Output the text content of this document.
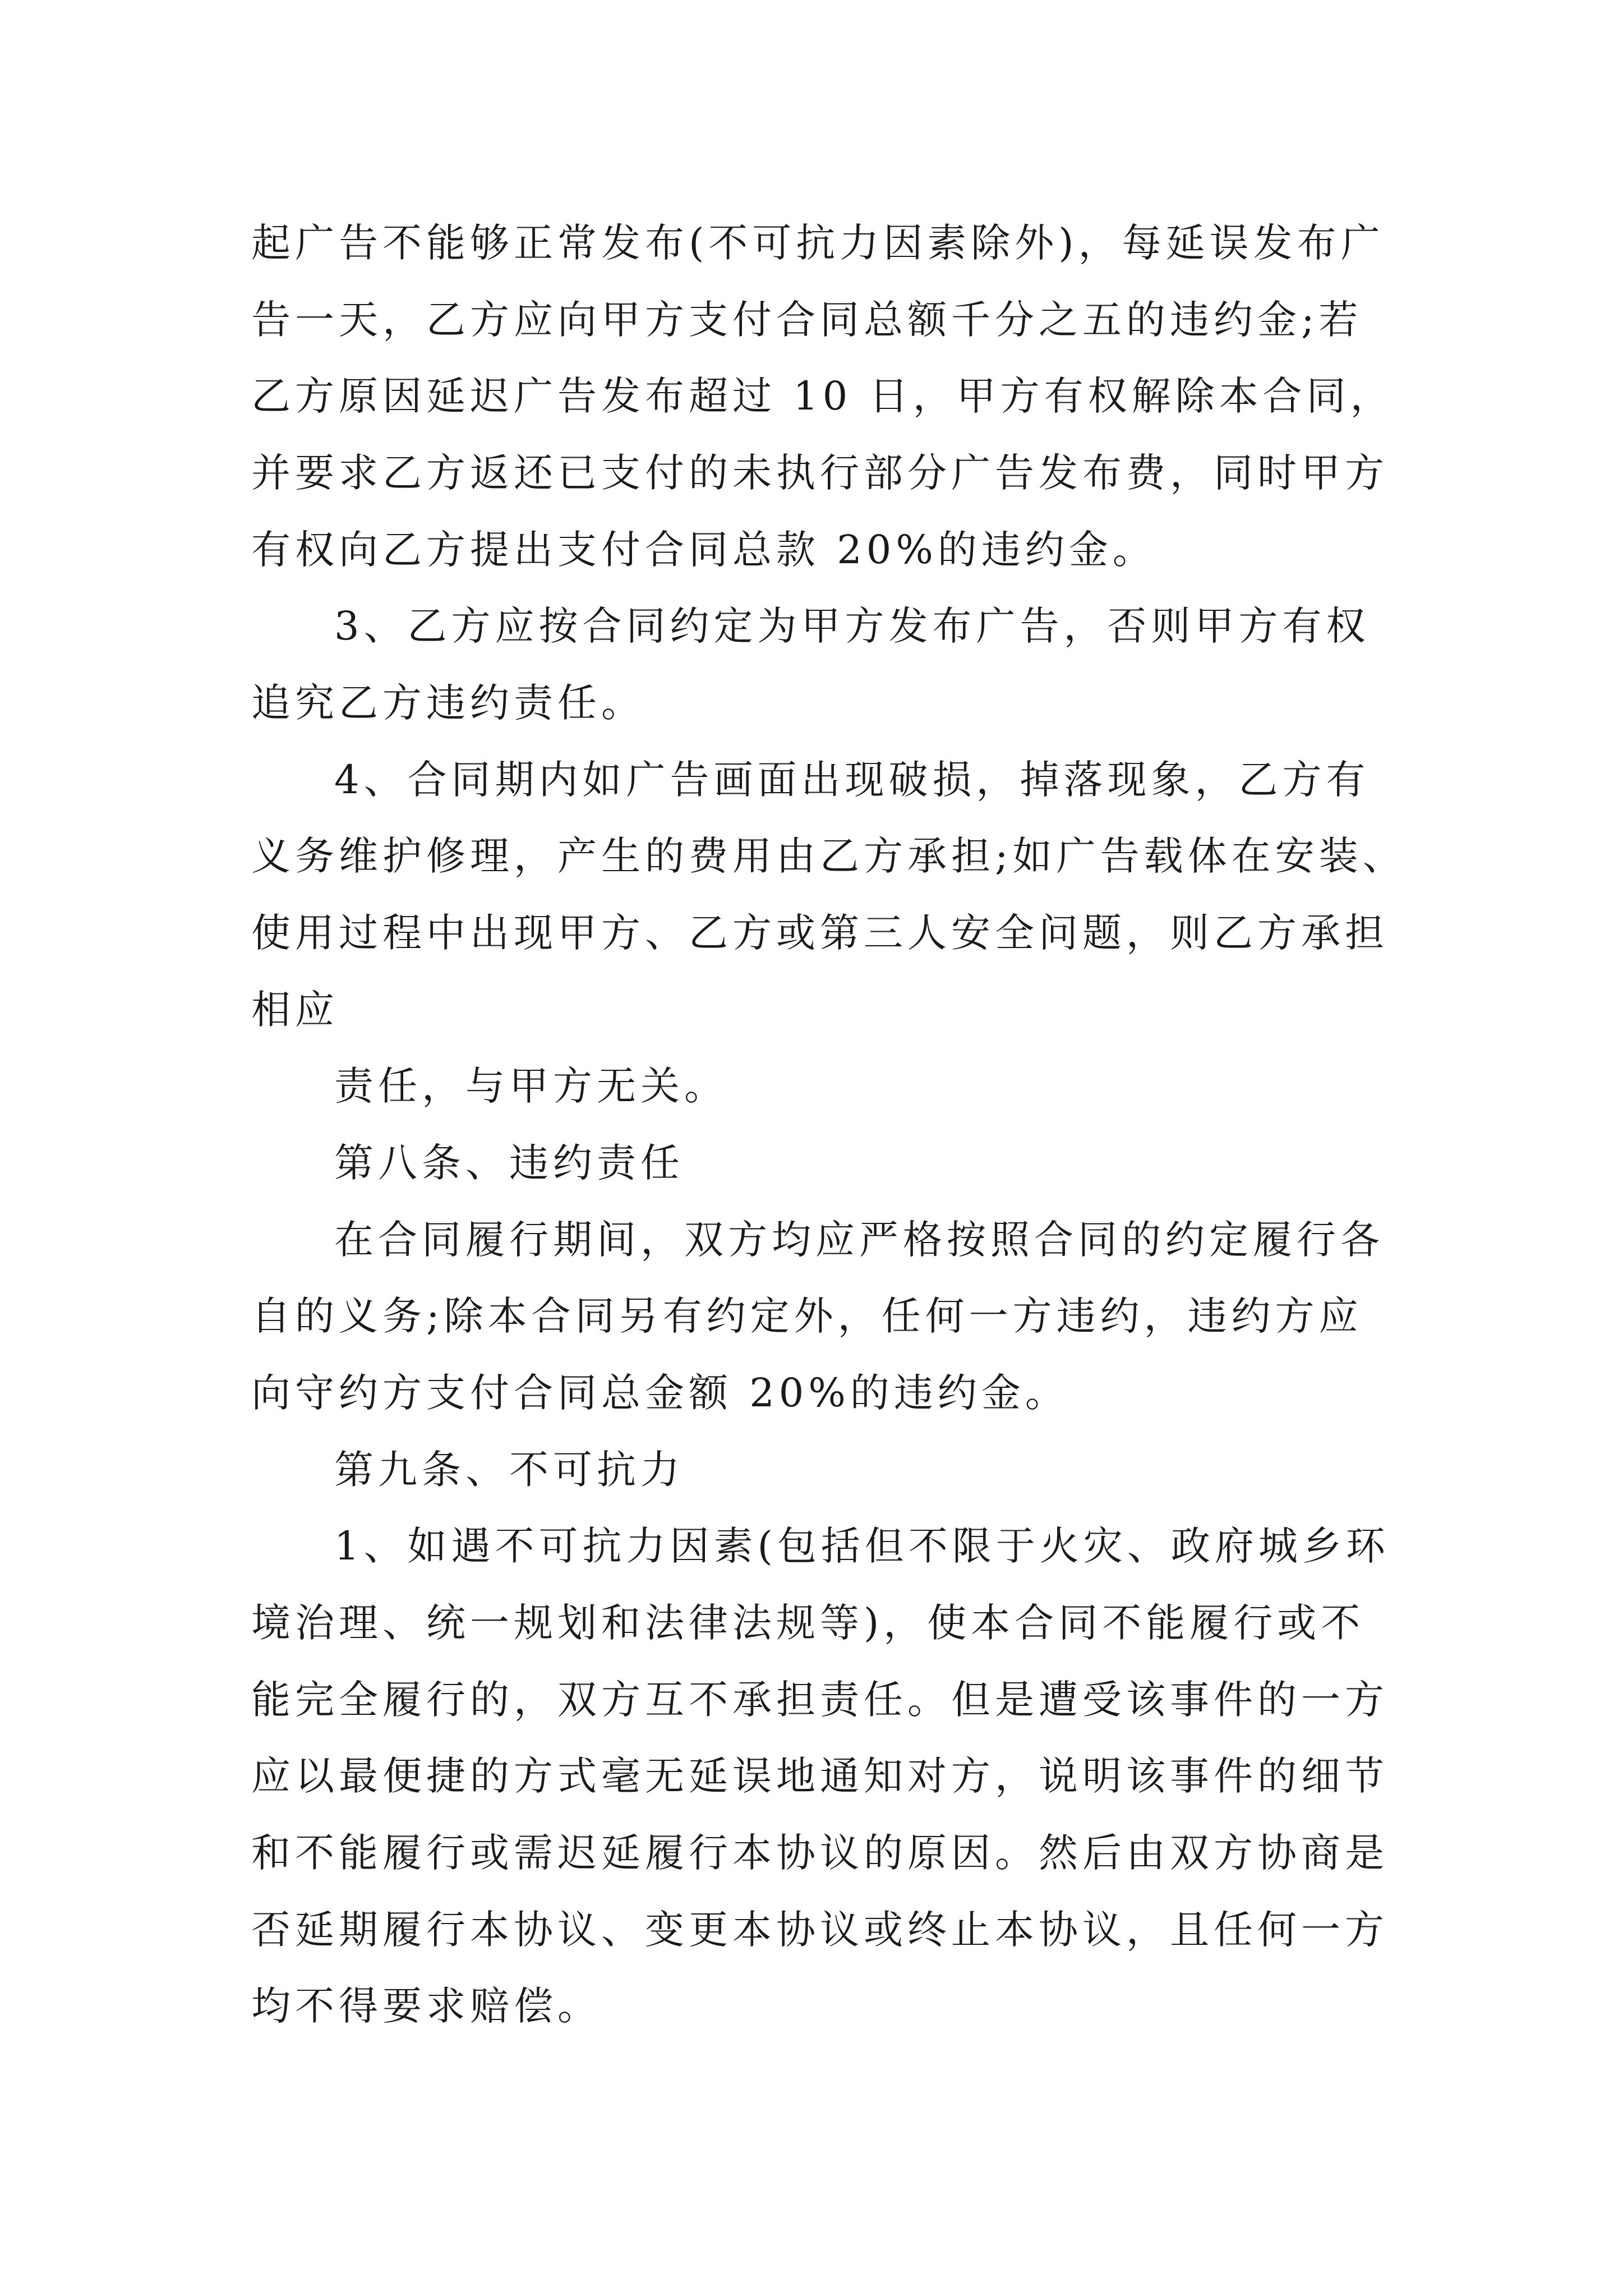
起广告不能够正常发布(不可抗力因素除外)，每延误发布广
告一天，乙方应向甲方支付合同总额千分之五的违约金;若
乙方原因延迟广告发布超过 10 日，甲方有权解除本合同，
并要求乙方返还已支付的未执行部分广告发布费，同时甲方
有权向乙方提出支付合同总款 20%的违约金。
3、乙方应按合同约定为甲方发布广告，否则甲方有权
追究乙方违约责任。
4、合同期内如广告画面出现破损，掉落现象，乙方有
义务维护修理，产生的费用由乙方承担;如广告载体在安装、
使用过程中出现甲方、乙方或第三人安全问题，则乙方承担
相应
责任，与甲方无关。
第八条、违约责任
在合同履行期间，双方均应严格按照合同的约定履行各
自的义务;除本合同另有约定外，任何一方违约，违约方应
向守约方支付合同总金额 20%的违约金。
第九条、不可抗力
1、如遇不可抗力因素(包括但不限于火灾、政府城乡环
境治理、统一规划和法律法规等)，使本合同不能履行或不
能完全履行的，双方互不承担责任。但是遭受该事件的一方
应以最便捷的方式毫无延误地通知对方，说明该事件的细节
和不能履行或需迟延履行本协议的原因。然后由双方协商是
否延期履行本协议、变更本协议或终止本协议，且任何一方
均不得要求赔偿。
